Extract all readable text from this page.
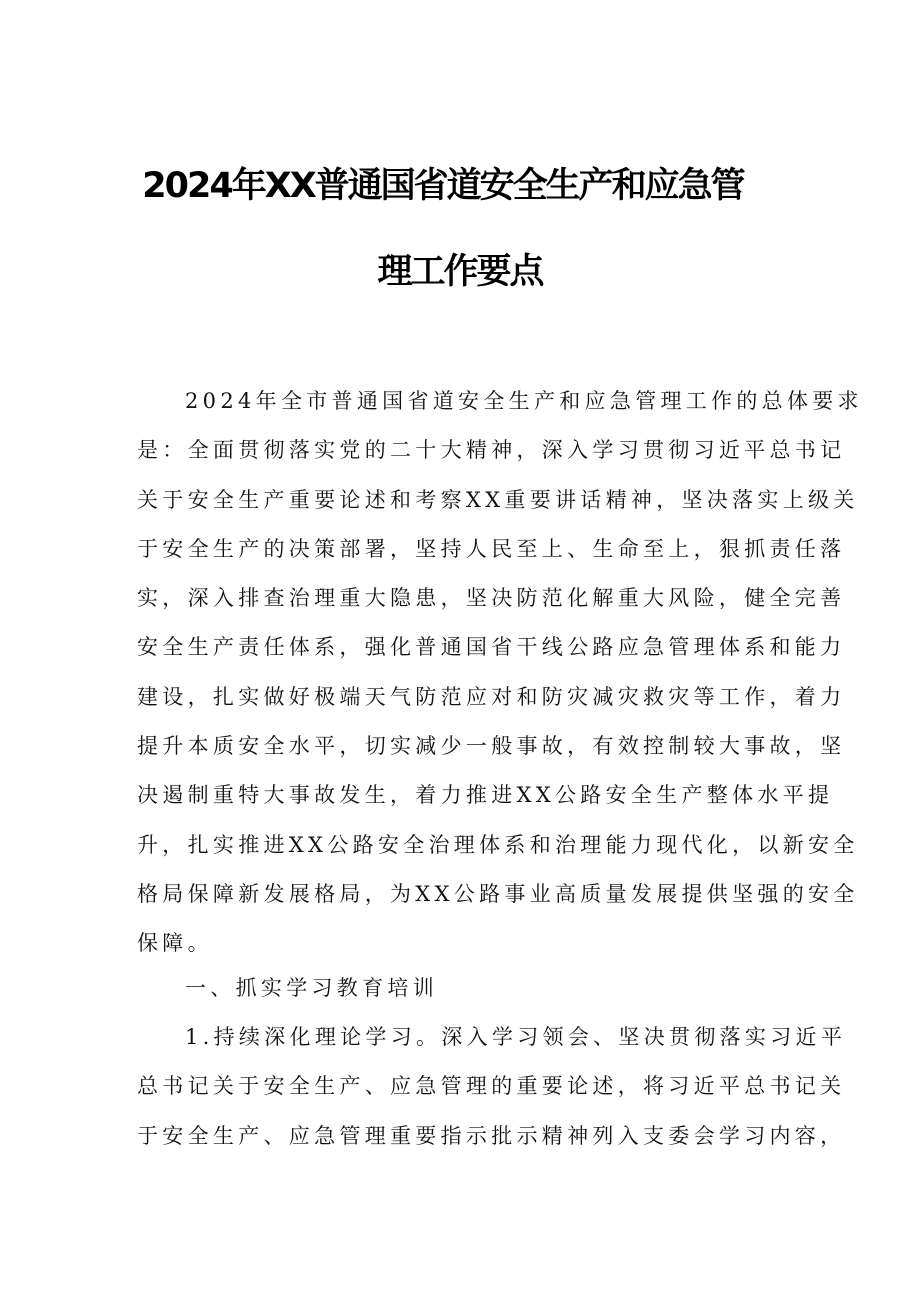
2024年XX普通国省道安全生产和应急管
理工作要点
2024年全市普通国省道安全生产和应急管理工作的总体要求
是：全面贯彻落实党的二十大精神，深入学习贯彻习近平总书记
关于安全生产重要论述和考察XX重要讲话精神，坚决落实上级关
于安全生产的决策部署，坚持人民至上、生命至上，狠抓责任落
实，深入排查治理重大隐患，坚决防范化解重大风险，健全完善
安全生产责任体系，强化普通国省干线公路应急管理体系和能力
建设，扎实做好极端天气防范应对和防灾减灾救灾等工作，着力
提升本质安全水平，切实减少一般事故，有效控制较大事故，坚
决遏制重特大事故发生，着力推进XX公路安全生产整体水平提
升，扎实推进XX公路安全治理体系和治理能力现代化，以新安全
格局保障新发展格局，为XX公路事业高质量发展提供坚强的安全
保障。
一、抓实学习教育培训
1.持续深化理论学习。深入学习领会、坚决贯彻落实习近平
总书记关于安全生产、应急管理的重要论述，将习近平总书记关
于安全生产、应急管理重要指示批示精神列入支委会学习内容，
